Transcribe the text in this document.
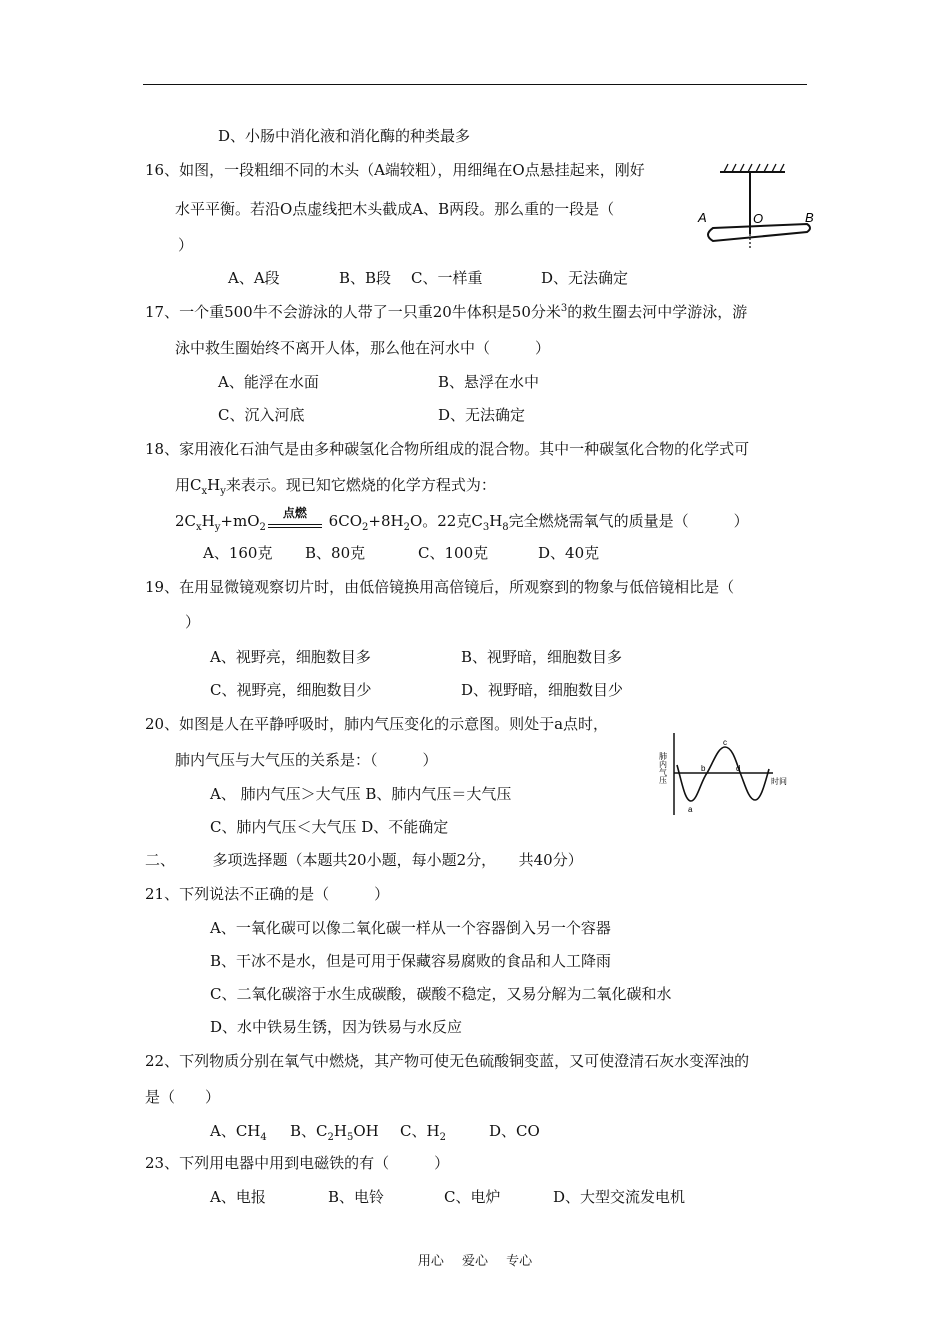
D、小肠中消化液和消化酶的种类最多
16、如图，一段粗细不同的木头（A端较粗），用细绳在O点悬挂起来，刚好
水平平衡。若沿O点虚线把木头截成A、B两段。那么重的一段是（
）
A、A段	B、B段 C、一样重	D、无法确定
A	O	B
17、一个重500牛不会游泳的人带了一只重20牛体积是50分米$^3$的救生圈去河中学游泳，游
泳中救生圈始终不离开人体，那么他在河水中（　　　）
A、能浮在水面	B、悬浮在水中
C、沉入河底	D、无法确定
18、家用液化石油气是由多种碳氢化合物所组成的混合物。其中一种碳氢化合物的化学式可
用$C_xH_y$来表示。现已知它燃烧的化学方程式为：
$2C_xH_y+mO_2$
点燃	$6CO_2+8H_2O$。22克$C_3H_8$完全燃烧需氧气的质量是（　　　）
A、160克 B、80克	C、100克	D、40克
19、在用显微镜观察切片时，由低倍镜换用高倍镜后，所观察到的物象与低倍镜相比是（
）
A、视野亮，细胞数目多	B、视野暗，细胞数目多
C、视野亮，细胞数目少	D、视野暗，细胞数目少
20、如图是人在平静呼吸时，肺内气压变化的示意图。则处于a点时，
肺内气压与大气压的关系是：（　　　）
A、 肺内气压＞大气压 B、肺内气压＝大气压
C、肺内气压＜大气压 D、不能确定
肺内气压	时间
a
b
c
d
二、　　　多项选择题（本题共20小题，每小题2分，　　共40分）
21、下列说法不正确的是（　　　）
A、一氧化碳可以像二氧化碳一样从一个容器倒入另一个容器
B、干冰不是水，但是可用于保藏容易腐败的食品和人工降雨
C、二氧化碳溶于水生成碳酸，碳酸不稳定，又易分解为二氧化碳和水
D、水中铁易生锈，因为铁易与水反应
22、下列物质分别在氧气中燃烧，其产物可使无色硫酸铜变蓝，又可使澄清石灰水变浑浊的
是（　　）
A、$CH_4$ B、$C_2H_5OH$ C、$H_2$	D、CO
23、下列用电器中用到电磁铁的有（　　　）
A、电报	B、电铃	C、电炉	D、大型交流发电机
用心 爱心 专心
